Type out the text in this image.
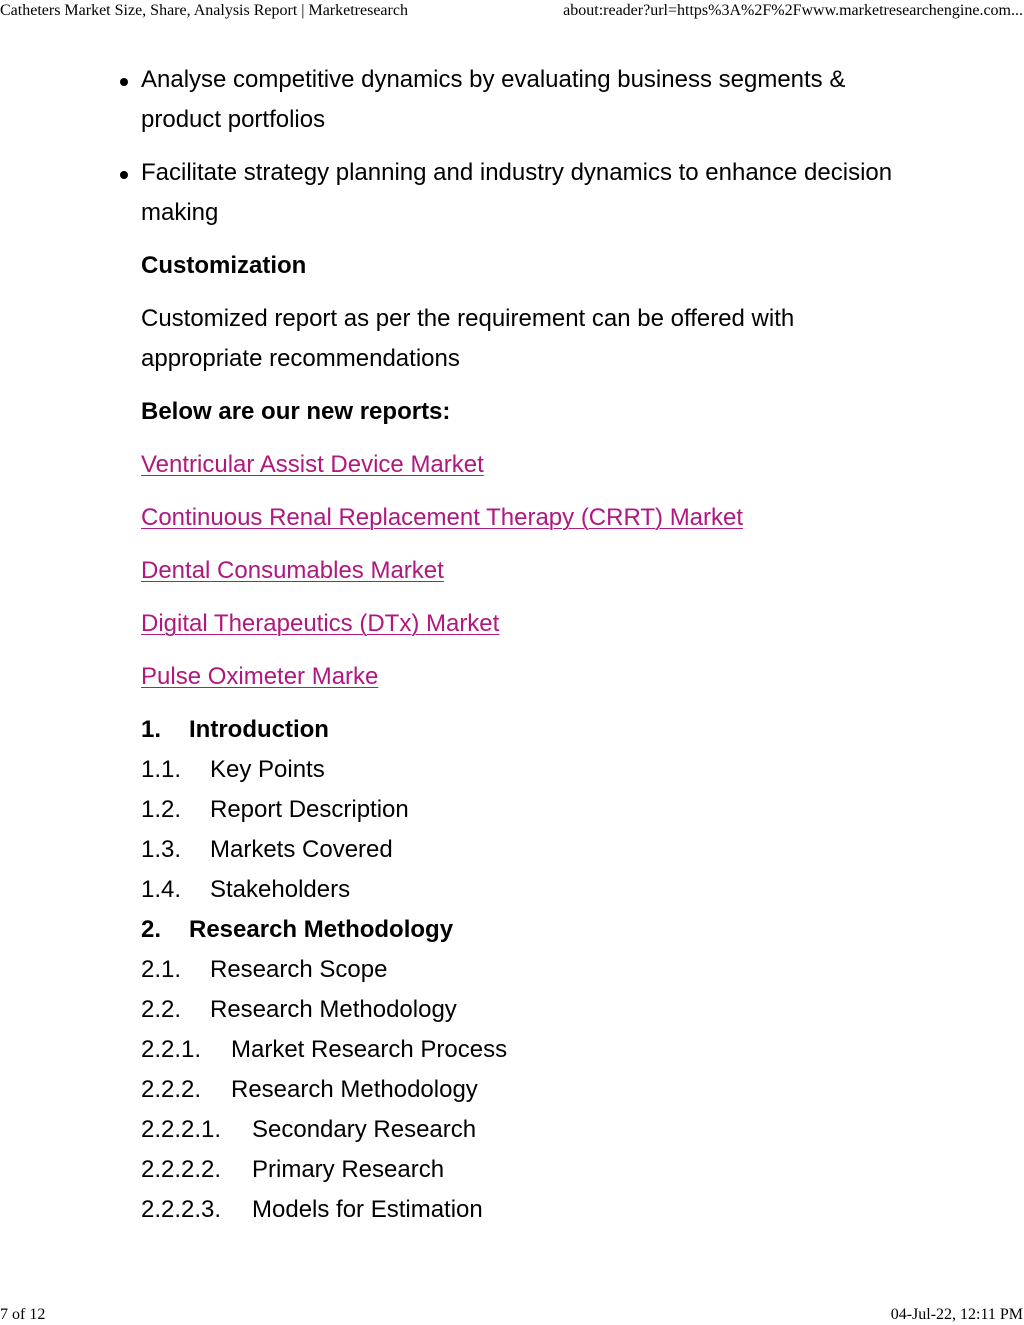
Catheters Market Size, Share, Analysis Report | Marketresearch	about:reader?url=https%3A%2F%2Fwww.marketresearchengine.com...
Analyse competitive dynamics by evaluating business segments & product portfolios
Facilitate strategy planning and industry dynamics to enhance decision making

Customization

Customized report as per the requirement can be offered with appropriate recommendations

Below are our new reports:

Ventricular Assist Device Market
Continuous Renal Replacement Therapy (CRRT) Market
Dental Consumables Market
Digital Therapeutics (DTx) Market
Pulse Oximeter Marke
1.	Introduction
1.1.	Key Points
1.2.	Report Description
1.3.	Markets Covered
1.4.	Stakeholders
2.	Research Methodology
2.1.	Research Scope
2.2.	Research Methodology
2.2.1.	Market Research Process
2.2.2.	Research Methodology
2.2.2.1.	Secondary Research
2.2.2.2.	Primary Research
2.2.2.3.	Models for Estimation
7 of 12	04-Jul-22, 12:11 PM
